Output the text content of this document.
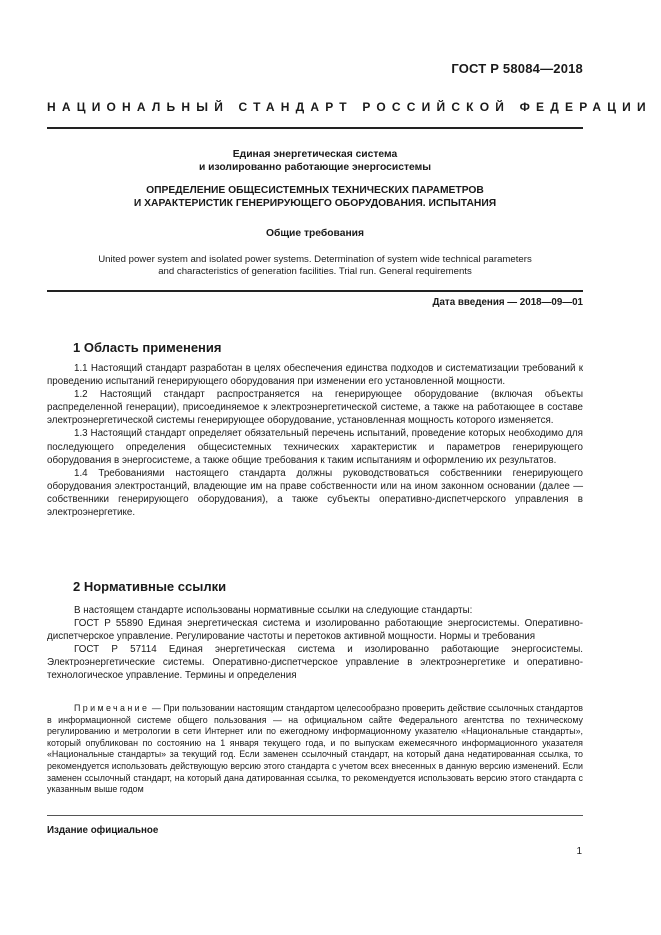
ГОСТ Р 58084—2018
НАЦИОНАЛЬНЫЙ СТАНДАРТ РОССИЙСКОЙ ФЕДЕРАЦИИ
Единая энергетическая система
и изолированно работающие энергосистемы
ОПРЕДЕЛЕНИЕ ОБЩЕСИСТЕМНЫХ ТЕХНИЧЕСКИХ ПАРАМЕТРОВ
И ХАРАКТЕРИСТИК ГЕНЕРИРУЮЩЕГО ОБОРУДОВАНИЯ. ИСПЫТАНИЯ
Общие требования
United power system and isolated power systems. Determination of system wide technical parameters
and characteristics of generation facilities. Trial run. General requirements
Дата введения — 2018—09—01
1 Область применения

1.1 Настоящий стандарт разработан в целях обеспечения единства подходов и систематизации требований к проведению испытаний генерирующего оборудования при изменении его установленной мощности.

1.2 Настоящий стандарт распространяется на генерирующее оборудование (включая объекты распределенной генерации), присоединяемое к электроэнергетической системе, а также на работающее в составе электроэнергетической системы генерирующее оборудование, установленная мощность которого изменяется.

1.3 Настоящий стандарт определяет обязательный перечень испытаний, проведение которых необходимо для последующего определения общесистемных технических характеристик и параметров генерирующего оборудования в энергосистеме, а также общие требования к таким испытаниям и оформлению их результатов.

1.4 Требованиями настоящего стандарта должны руководствоваться собственники генерирующего оборудования электростанций, владеющие им на праве собственности или на ином законном основании (далее — собственники генерирующего оборудования), а также субъекты оперативно-диспетчерского управления в электроэнергетике.

2 Нормативные ссылки

В настоящем стандарте использованы нормативные ссылки на следующие стандарты:

ГОСТ Р 55890 Единая энергетическая система и изолированно работающие энергосистемы. Оперативно-диспетчерское управление. Регулирование частоты и перетоков активной мощности. Нормы и требования

ГОСТ Р 57114 Единая энергетическая система и изолированно работающие энергосистемы. Электроэнергетические системы. Оперативно-диспетчерское управление в электроэнергетике и оперативно-технологическое управление. Термины и определения

Примечание — При пользовании настоящим стандартом целесообразно проверить действие ссылочных стандартов в информационной системе общего пользования — на официальном сайте Федерального агентства по техническому регулированию и метрологии в сети Интернет или по ежегодному информационному указателю «Национальные стандарты», который опубликован по состоянию на 1 января текущего года, и по выпускам ежемесячного информационного указателя «Национальные стандарты» за текущий год. Если заменен ссылочный стандарт, на который дана недатированная ссылка, то рекомендуется использовать действующую версию этого стандарта с учетом всех внесенных в данную версию изменений. Если заменен ссылочный стандарт, на который дана датированная ссылка, то рекомендуется использовать версию этого стандарта с указанным выше годом

Издание официальное
1
